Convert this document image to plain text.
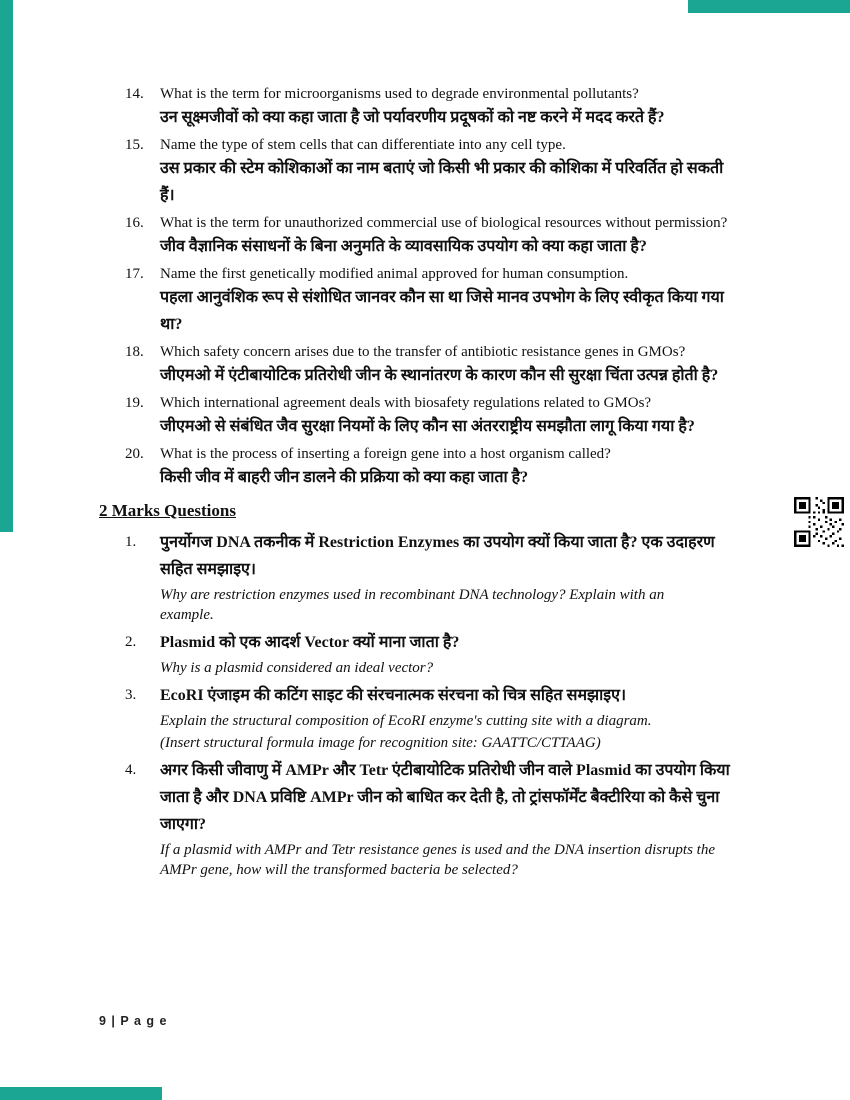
14.	What is the term for microorganisms used to degrade environmental pollutants?
उन सूक्ष्मजीवों को क्या कहा जाता है जो पर्यावरणीय प्रदूषकों को नष्ट करने में मदद करते हैं?
15.	Name the type of stem cells that can differentiate into any cell type.
उस प्रकार की स्टेम कोशिकाओं का नाम बताएं जो किसी भी प्रकार की कोशिका में परिवर्तित हो सकती हैं।
16.	What is the term for unauthorized commercial use of biological resources without permission?
जीव वैज्ञानिक संसाधनों के बिना अनुमति के व्यावसायिक उपयोग को क्या कहा जाता है?
17.	Name the first genetically modified animal approved for human consumption.
पहला आनुवंशिक रूप से संशोधित जानवर कौन सा था जिसे मानव उपभोग के लिए स्वीकृत किया गया था?
18.	Which safety concern arises due to the transfer of antibiotic resistance genes in GMOs?
जीएमओ में एंटीबायोटिक प्रतिरोधी जीन के स्थानांतरण के कारण कौन सी सुरक्षा चिंता उत्पन्न होती है?
19.	Which international agreement deals with biosafety regulations related to GMOs?
जीएमओ से संबंधित जैव सुरक्षा नियमों के लिए कौन सा अंतरराष्ट्रीय समझौता लागू किया गया है?
20.	What is the process of inserting a foreign gene into a host organism called?
किसी जीव में बाहरी जीन डालने की प्रक्रिया को क्या कहा जाता है?
2 Marks Questions
1.	पुनर्योगज DNA तकनीक में Restriction Enzymes का उपयोग क्यों किया जाता है? एक उदाहरण सहित समझाइए।
Why are restriction enzymes used in recombinant DNA technology? Explain with an example.
2.	Plasmid को एक आदर्श Vector क्यों माना जाता है?
Why is a plasmid considered an ideal vector?
3.	EcoRI एंजाइम की कटिंग साइट की संरचनात्मक संरचना को चित्र सहित समझाइए।
Explain the structural composition of EcoRI enzyme's cutting site with a diagram.
(Insert structural formula image for recognition site: GAATTC/CTTAAG)
4.	अगर किसी जीवाणु में AMPr और Tetr एंटीबायोटिक प्रतिरोधी जीन वाले Plasmid का उपयोग किया जाता है और DNA प्रविष्टि AMPr जीन को बाधित कर देती है, तो ट्रांसफॉर्मेंट बैक्टीरिया को कैसे चुना जाएगा?
If a plasmid with AMPr and Tetr resistance genes is used and the DNA insertion disrupts the AMPr gene, how will the transformed bacteria be selected?
9 | P a g e
